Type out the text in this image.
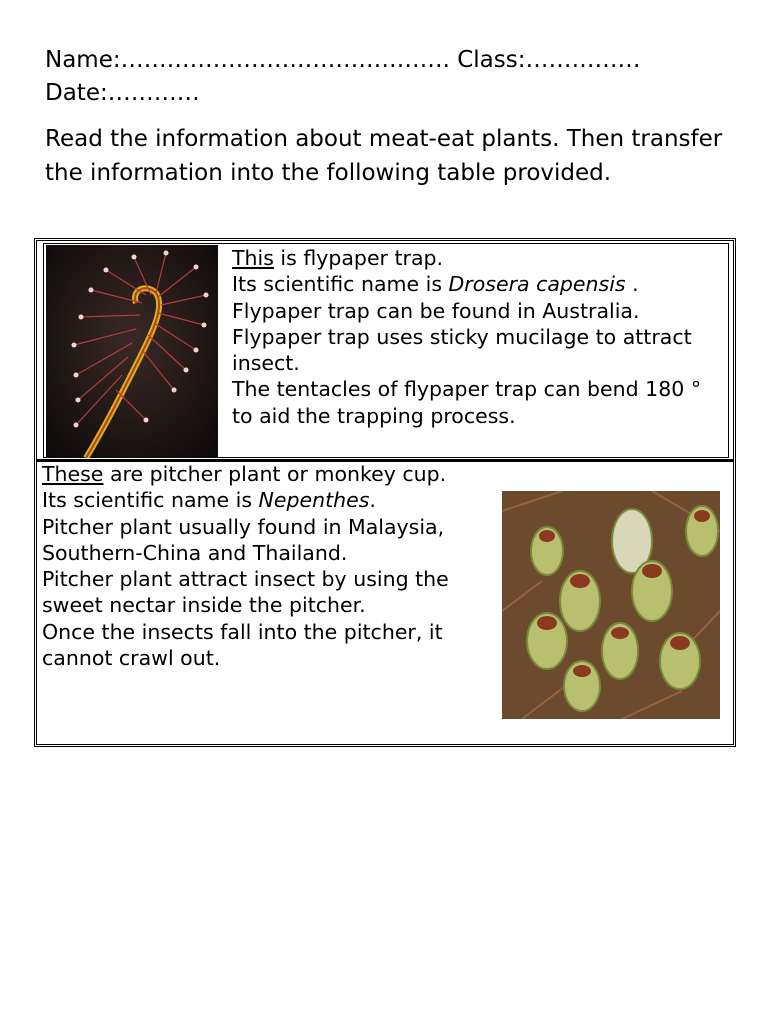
Name:……………………………………. Class:……………

Date:…………

Read the information about meat-eat plants. Then transfer the information into the following table provided.

This is flypaper trap.

Its scientific name is Drosera capensis .

Flypaper trap can be found in Australia.

Flypaper trap uses sticky mucilage to attract insect.

The tentacles of flypaper trap can bend 180 ° to aid the trapping process.

These are pitcher plant or monkey cup.

Its scientific name is Nepenthes.

Pitcher plant usually found in Malaysia, Southern-China and Thailand.

Pitcher plant attract insect by using the sweet nectar inside the pitcher.

Once the insects fall into the pitcher, it cannot crawl out.
